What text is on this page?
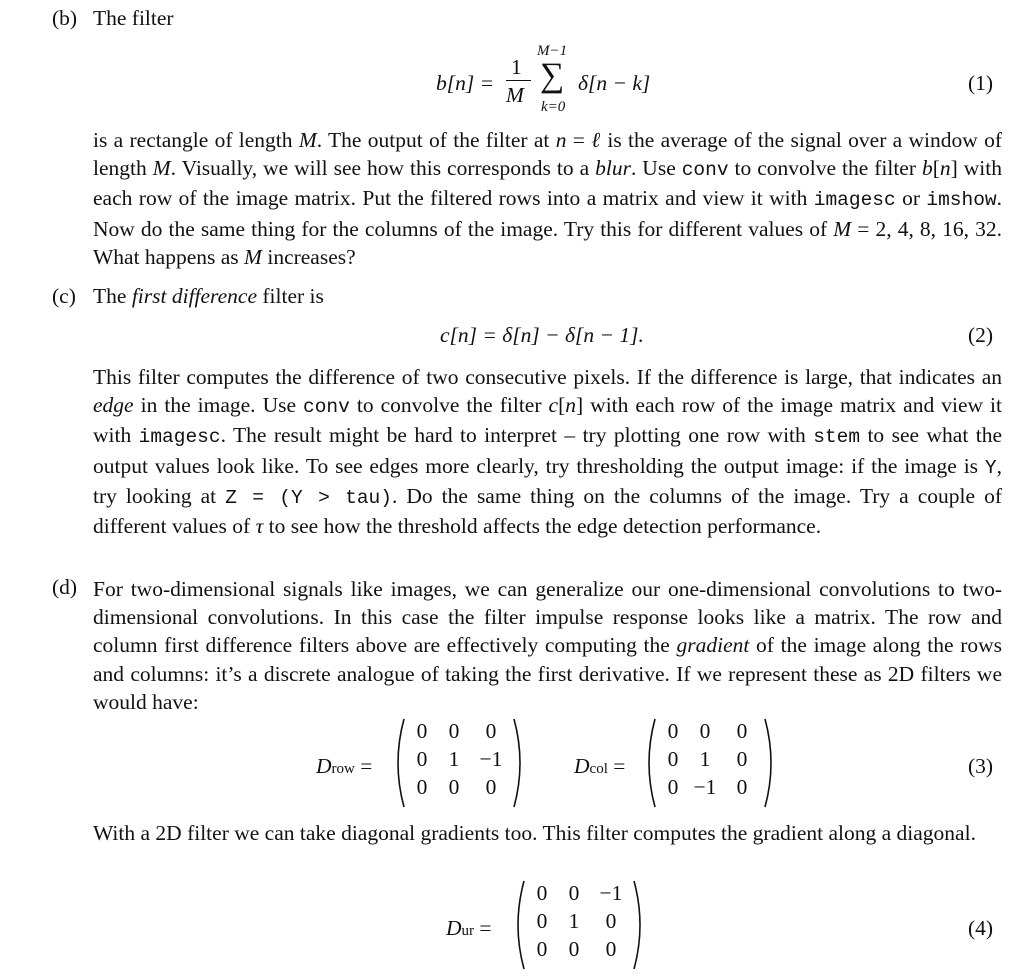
(b) The filter
b[n] =
1
M
M−1
∑
k=0
δ[n − k]	(1)

is a rectangle of length M. The output of the filter at n = ℓ is the average of the signal over a window of length M. Visually, we will see how this corresponds to a blur. Use conv to convolve the filter b[n] with each row of the image matrix. Put the filtered rows into a matrix and view it with imagesc or imshow. Now do the same thing for the columns of the image. Try this for different values of M = 2, 4, 8, 16, 32. What happens as M increases?

(c) The first difference filter is
c[n] = δ[n] − δ[n − 1].	(2)

This filter computes the difference of two consecutive pixels. If the difference is large, that indicates an edge in the image. Use conv to convolve the filter c[n] with each row of the image matrix and view it with imagesc. The result might be hard to interpret – try plotting one row with stem to see what the output values look like. To see edges more clearly, try thresholding the output image: if the image is Y, try looking at Z = (Y > tau). Do the same thing on the columns of the image. Try a couple of different values of τ to see how the threshold affects the edge detection performance.

(d) For two-dimensional signals like images, we can generalize our one-dimensional convolutions to two-dimensional convolutions. In this case the filter impulse response looks like a matrix. The row and column first difference filters above are effectively computing the gradient of the image along the rows and columns: it’s a discrete analogue of taking the first derivative. If we represent these as 2D filters we would have:

Drow =
0 0	0
0 1 −1
0 0	0
Dcol =
0 0	0
0 1	0
0 −1 0
(3)

With a 2D filter we can take diagonal gradients too. This filter computes the gradient along a diagonal.

Dur =
0 0 −1
0 1	0
0 0	0
(4)
